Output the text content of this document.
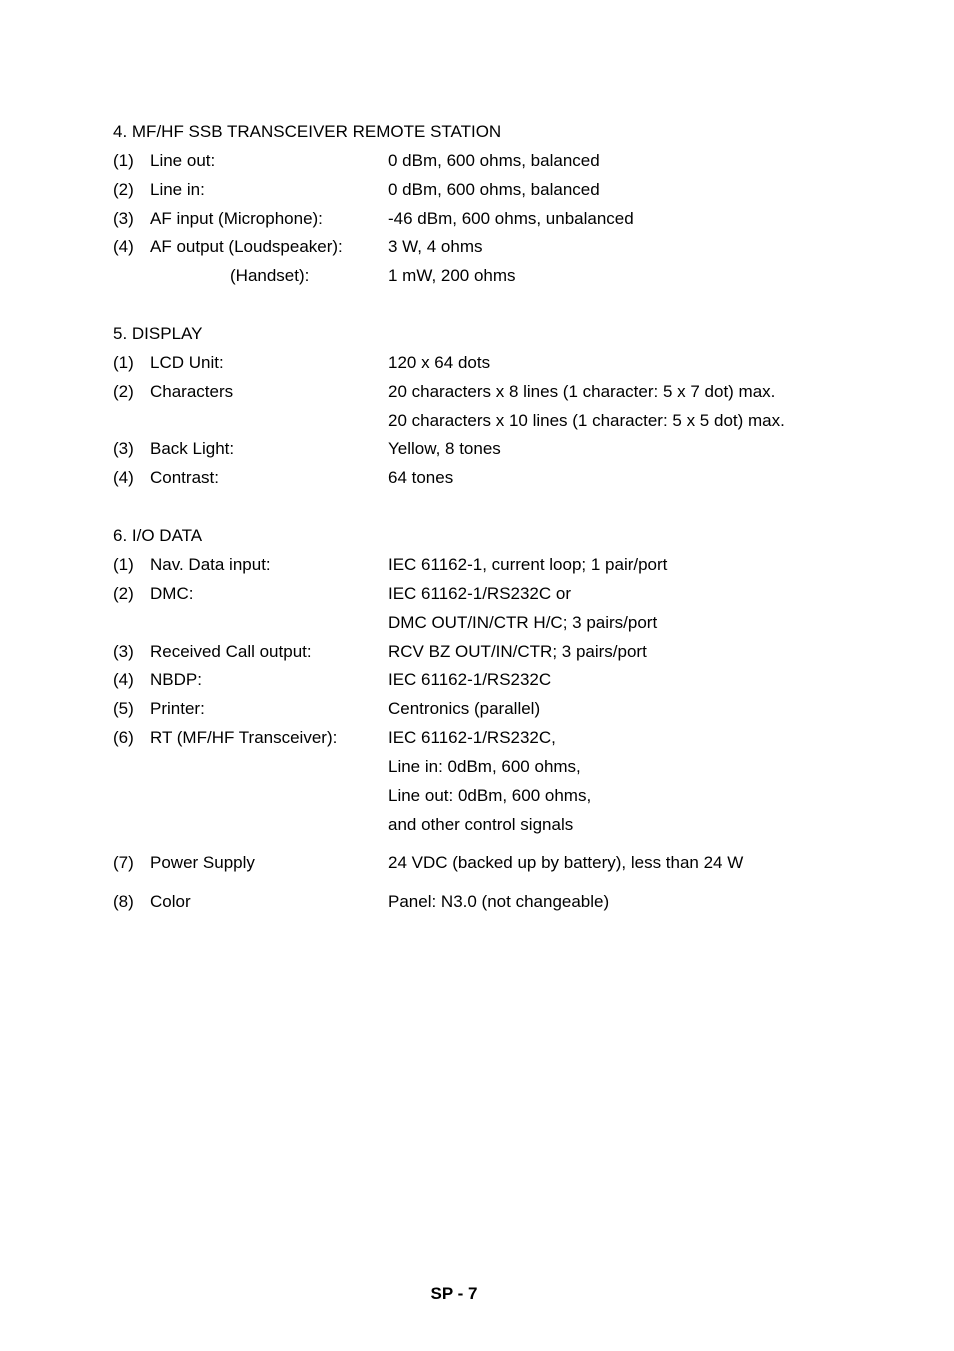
4. MF/HF SSB TRANSCEIVER REMOTE STATION
(1) Line out:	0 dBm, 600 ohms, balanced
(2) Line in:	0 dBm, 600 ohms, balanced
(3) AF input (Microphone):	-46 dBm, 600 ohms, unbalanced
(4) AF output (Loudspeaker):	3 W, 4 ohms
(Handset):	1 mW, 200 ohms
5. DISPLAY
(1) LCD Unit:	120 x 64 dots
(2) Characters	20 characters x 8 lines (1 character: 5 x 7 dot) max.
20 characters x 10 lines (1 character: 5 x 5 dot) max.
(3) Back Light:	Yellow, 8 tones
(4) Contrast:	64 tones
6. I/O DATA
(1) Nav. Data input:	IEC 61162-1, current loop; 1 pair/port
(2) DMC:	IEC 61162-1/RS232C or
DMC OUT/IN/CTR H/C; 3 pairs/port
(3) Received Call output:	RCV BZ OUT/IN/CTR; 3 pairs/port
(4) NBDP:	IEC 61162-1/RS232C
(5) Printer:	Centronics (parallel)
(6) RT (MF/HF Transceiver):	IEC 61162-1/RS232C,
Line in: 0dBm, 600 ohms,
Line out: 0dBm, 600 ohms,
and other control signals
(7) Power Supply	24 VDC (backed up by battery), less than 24 W
(8) Color	Panel: N3.0 (not changeable)
SP - 7
